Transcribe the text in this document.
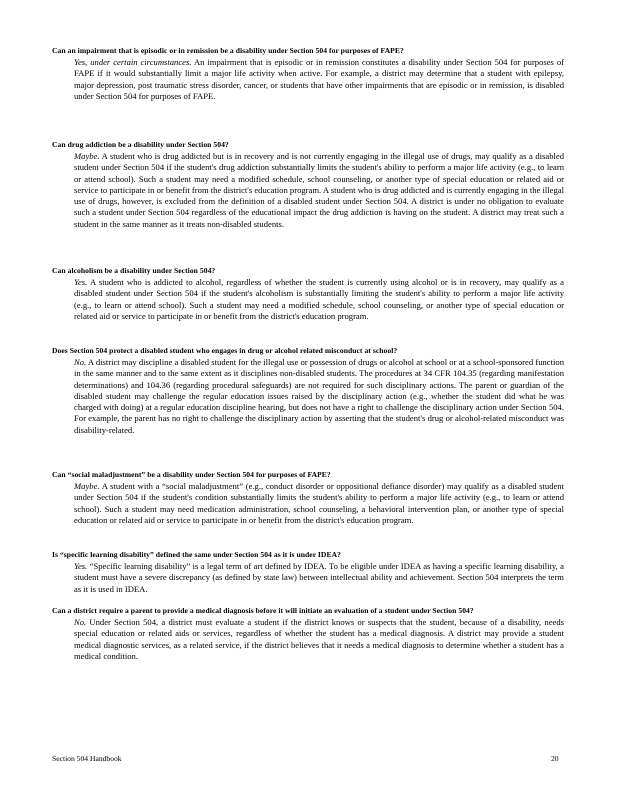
Can an impairment that is episodic or in remission be a disability under Section 504 for purposes of FAPE?
Yes, under certain circumstances. An impairment that is episodic or in remission constitutes a disability under Section 504 for purposes of FAPE if it would substantially limit a major life activity when active. For example, a district may determine that a student with epilepsy, major depression, post traumatic stress disorder, cancer, or students that have other impairments that are episodic or in remission, is disabled under Section 504 for purposes of FAPE.
Can drug addiction be a disability under Section 504?
Maybe. A student who is drug addicted but is in recovery and is not currently engaging in the illegal use of drugs, may qualify as a disabled student under Section 504 if the student's drug addiction substantially limits the student's ability to perform a major life activity (e.g., to learn or attend school). Such a student may need a modified schedule, school counseling, or another type of special education or related aid or service to participate in or benefit from the district's education program. A student who is drug addicted and is currently engaging in the illegal use of drugs, however, is excluded from the definition of a disabled student under Section 504. A district is under no obligation to evaluate such a student under Section 504 regardless of the educational impact the drug addiction is having on the student. A district may treat such a student in the same manner as it treats non-disabled students.
Can alcoholism be a disability under Section 504?
Yes. A student who is addicted to alcohol, regardless of whether the student is currently using alcohol or is in recovery, may qualify as a disabled student under Section 504 if the student's alcoholism is substantially limiting the student's ability to perform a major life activity (e.g., to learn or attend school). Such a student may need a modified schedule, school counseling, or another type of special education or related aid or service to participate in or benefit from the district's education program.
Does Section 504 protect a disabled student who engages in drug or alcohol related misconduct at school?
No. A district may discipline a disabled student for the illegal use or possession of drugs or alcohol at school or at a school-sponsored function in the same manner and to the same extent as it disciplines non-disabled students. The procedures at 34 CFR 104.35 (regarding manifestation determinations) and 104.36 (regarding procedural safeguards) are not required for such disciplinary actions. The parent or guardian of the disabled student may challenge the regular education issues raised by the disciplinary action (e.g., whether the student did what he was charged with doing) at a regular education discipline hearing, but does not have a right to challenge the disciplinary action under Section 504. For example, the parent has no right to challenge the disciplinary action by asserting that the student's drug or alcohol-related misconduct was disability-related.
Can “social maladjustment” be a disability under Section 504 for purposes of FAPE?
Maybe. A student with a “social maladjustment” (e.g., conduct disorder or oppositional defiance disorder) may qualify as a disabled student under Section 504 if the student's condition substantially limits the student's ability to perform a major life activity (e.g., to learn or attend school). Such a student may need medication administration, school counseling, a behavioral intervention plan, or another type of special education or related aid or service to participate in or benefit from the district's education program.
Is “specific learning disability” defined the same under Section 504 as it is under IDEA?
Yes. “Specific learning disability” is a legal term of art defined by IDEA. To be eligible under IDEA as having a specific learning disability, a student must have a severe discrepancy (as defined by state law) between intellectual ability and achievement. Section 504 interprets the term as it is used in IDEA.
Can a district require a parent to provide a medical diagnosis before it will initiate an evaluation of a student under Section 504?
No. Under Section 504, a district must evaluate a student if the district knows or suspects that the student, because of a disability, needs special education or related aids or services, regardless of whether the student has a medical diagnosis. A district may provide a student medical diagnostic services, as a related service, if the district believes that it needs a medical diagnosis to determine whether a student has a medical condition.
Section 504 Handbook	20
